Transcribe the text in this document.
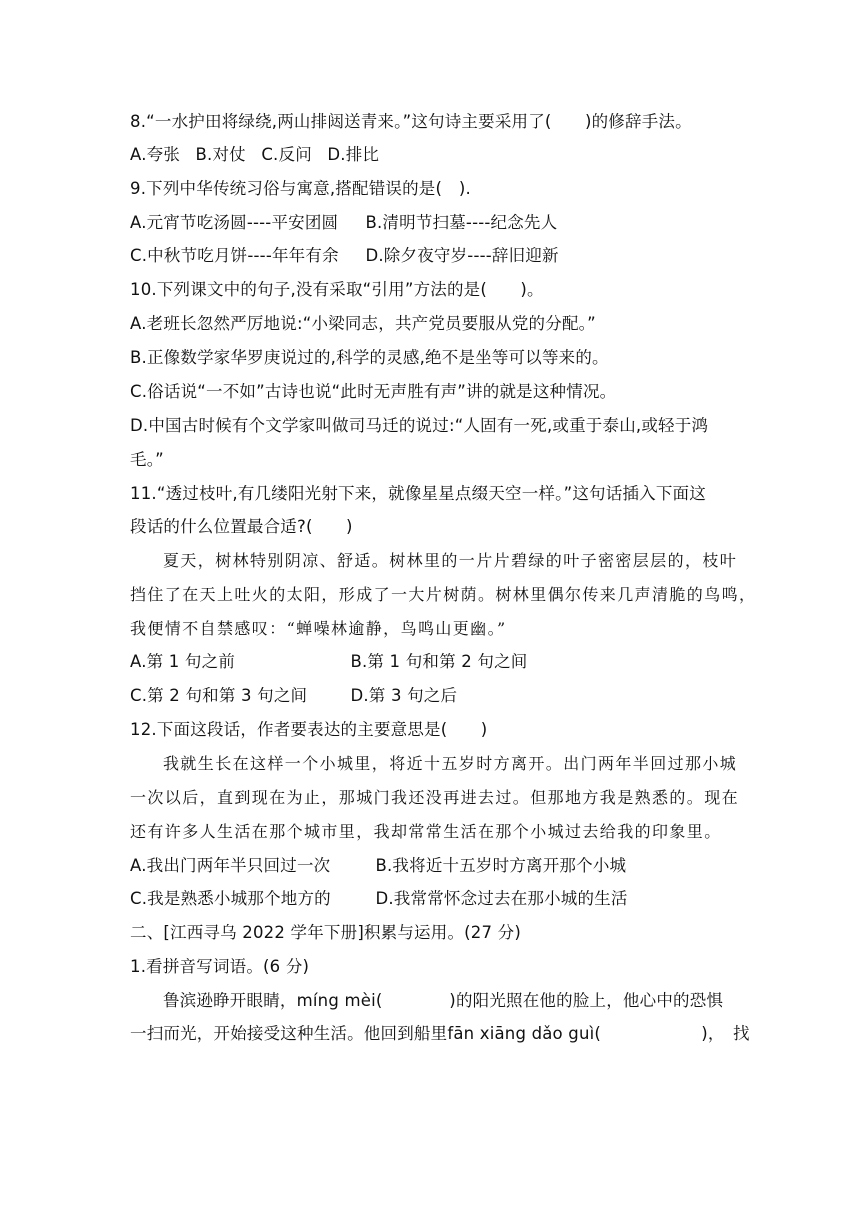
8.“一水护田将绿绕,两山排闼送青来。”这句诗主要采用了(　　)的修辞手法。
A.夸张 B.对仗 C.反问 D.排比
9.下列中华传统习俗与寓意,搭配错误的是(　).
A.元宵节吃汤圆----平安团圆 B.清明节扫墓----纪念先人
C.中秋节吃月饼----年年有余 D.除夕夜守岁----辞旧迎新
10.下列课文中的句子,没有采取“引用”方法的是(　　)。
A.老班长忽然严厉地说:“小梁同志，共产党员要服从党的分配。”
B.正像数学家华罗庚说过的,科学的灵感,绝不是坐等可以等来的。
C.俗话说“一不如”古诗也说“此时无声胜有声”讲的就是这种情况。
D.中国古时候有个文学家叫做司马迁的说过:“人固有一死,或重于泰山,或轻于鸿
毛。”
11.“透过枝叶,有几缕阳光射下来，就像星星点缀天空一样。”这句话插入下面这
段话的什么位置最合适?(　　)
夏天，树林特别阴凉、舒适。树林里的一片片碧绿的叶子密密层层的，枝叶
挡住了在天上吐火的太阳，形成了一大片树荫。树林里偶尔传来几声清脆的鸟鸣，
我便情不自禁感叹：“蝉噪林逾静，鸟鸣山更幽。”
A.第 1 句之前	B.第 1 句和第 2 句之间
C.第 2 句和第 3 句之间	D.第 3 句之后
12.下面这段话，作者要表达的主要意思是(　　)
我就生长在这样一个小城里，将近十五岁时方离开。出门两年半回过那小城
一次以后，直到现在为止，那城门我还没再进去过。但那地方我是熟悉的。现在
还有许多人生活在那个城市里，我却常常生活在那个小城过去给我的印象里。
A.我出门两年半只回过一次	B.我将近十五岁时方离开那个小城
C.我是熟悉小城那个地方的	D.我常常怀念过去在那小城的生活
二、[江西寻乌 2022 学年下册]积累与运用。(27 分)
1.看拼音写词语。(6 分)
鲁滨逊睁开眼睛，míng mèi(　　　　)的阳光照在他的脸上，他心中的恐惧
一扫而光，开始接受这种生活。他回到船里fān xiāng dǎo guì(　　　　　　)，　找
